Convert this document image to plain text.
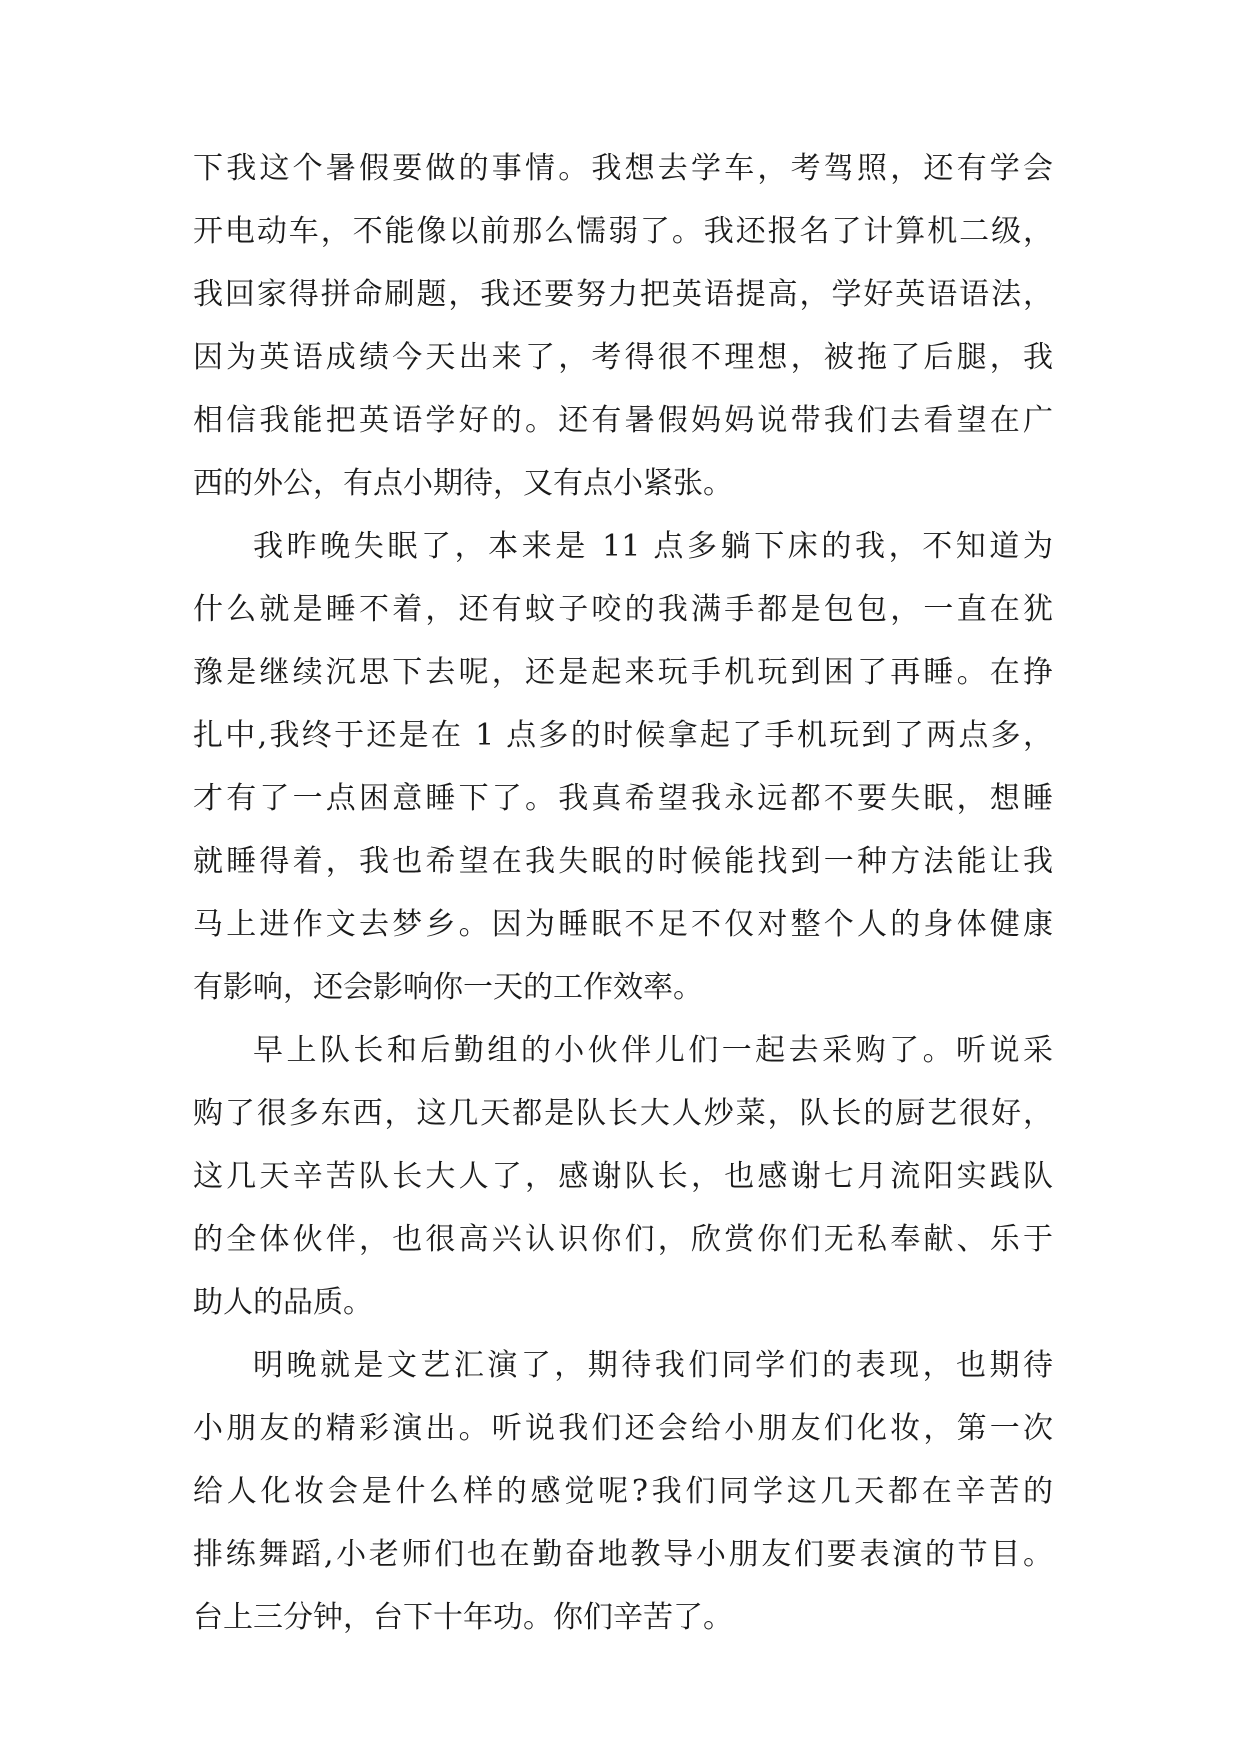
下我这个暑假要做的事情。我想去学车，考驾照，还有学会
开电动车，不能像以前那么懦弱了。我还报名了计算机二级，
我回家得拼命刷题，我还要努力把英语提高，学好英语语法，
因为英语成绩今天出来了，考得很不理想，被拖了后腿，我
相信我能把英语学好的。还有暑假妈妈说带我们去看望在广
西的外公，有点小期待，又有点小紧张。
我昨晚失眠了，本来是 11 点多躺下床的我，不知道为
什么就是睡不着，还有蚊子咬的我满手都是包包，一直在犹
豫是继续沉思下去呢，还是起来玩手机玩到困了再睡。在挣
扎中,我终于还是在 1 点多的时候拿起了手机玩到了两点多，
才有了一点困意睡下了。我真希望我永远都不要失眠，想睡
就睡得着，我也希望在我失眠的时候能找到一种方法能让我
马上进作文去梦乡。因为睡眠不足不仅对整个人的身体健康
有影响，还会影响你一天的工作效率。
早上队长和后勤组的小伙伴儿们一起去采购了。听说采
购了很多东西，这几天都是队长大人炒菜，队长的厨艺很好，
这几天辛苦队长大人了，感谢队长，也感谢七月流阳实践队
的全体伙伴，也很高兴认识你们，欣赏你们无私奉献、乐于
助人的品质。
明晚就是文艺汇演了，期待我们同学们的表现，也期待
小朋友的精彩演出。听说我们还会给小朋友们化妆，第一次
给人化妆会是什么样的感觉呢?我们同学这几天都在辛苦的
排练舞蹈,小老师们也在勤奋地教导小朋友们要表演的节目。
台上三分钟，台下十年功。你们辛苦了。
